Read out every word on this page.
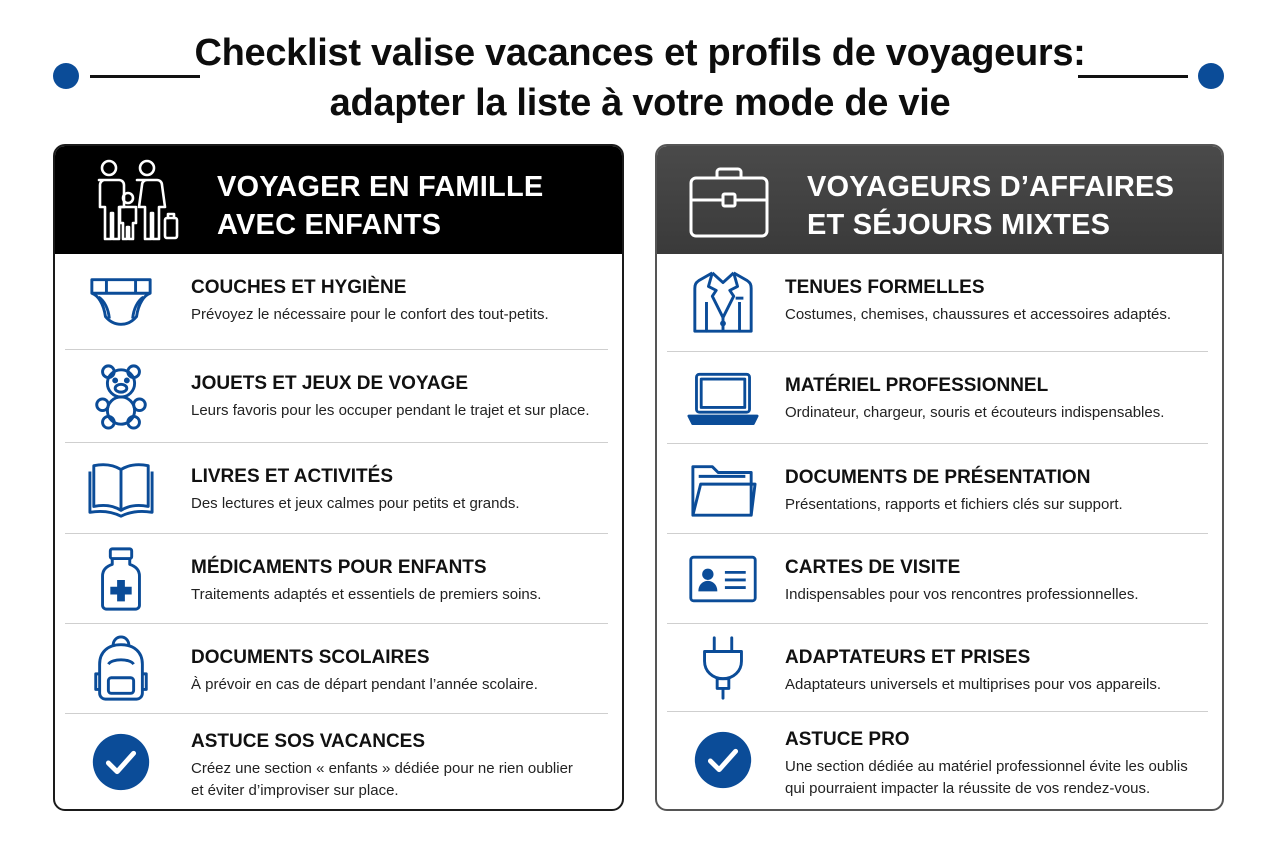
Checklist valise vacances et profils de voyageurs:
adapter la liste à votre mode de vie
VOYAGER EN FAMILLE
AVEC ENFANTS
COUCHES ET HYGIÈNE
Prévoyez le nécessaire pour le confort des tout-petits.
JOUETS ET JEUX DE VOYAGE
Leurs favoris pour les occuper pendant le trajet et sur place.
LIVRES ET ACTIVITÉS
Des lectures et jeux calmes pour petits et grands.
MÉDICAMENTS POUR ENFANTS
Traitements adaptés et essentiels de premiers soins.
DOCUMENTS SCOLAIRES
À prévoir en cas de départ pendant l’année scolaire.
ASTUCE SOS VACANCES
Créez une section « enfants » dédiée pour ne rien oublier
et éviter d’improviser sur place.
VOYAGEURS D’AFFAIRES
ET SÉJOURS MIXTES
TENUES FORMELLES
Costumes, chemises, chaussures et accessoires adaptés.
MATÉRIEL PROFESSIONNEL
Ordinateur, chargeur, souris et écouteurs indispensables.
DOCUMENTS DE PRÉSENTATION
Présentations, rapports et fichiers clés sur support.
CARTES DE VISITE
Indispensables pour vos rencontres professionnelles.
ADAPTATEURS ET PRISES
Adaptateurs universels et multiprises pour vos appareils.
ASTUCE PRO
Une section dédiée au matériel professionnel évite les oublis
qui pourraient impacter la réussite de vos rendez-vous.
